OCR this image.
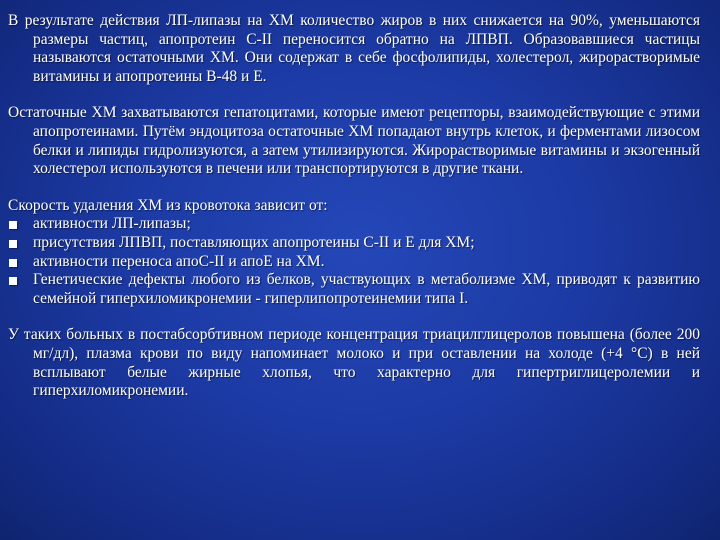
В результате действия ЛП-липазы на ХМ количество жиров в них снижается на 90%, уменьшаются размеры частиц, апопротеин С-II переносится обратно на ЛПВП. Образовавшиеся частицы называются остаточными ХМ. Они содержат в себе фосфолипиды, холестерол, жирорастворимые витамины и апопротеины В-48 и Е.

Остаточные ХМ захватываются гепатоцитами, которые имеют рецепторы, взаимодействующие с этими апопротеинами. Путём эндоцитоза остаточные ХМ попадают внутрь клеток, и ферментами лизосом белки и липиды гидролизуются, а затем утилизируются. Жирорастворимые витамины и экзогенный холестерол используются в печени или транспортируются в другие ткани.

Скорость удаления ХМ из кровотока зависит от:

активности ЛП-липазы;
присутствия ЛПВП, поставляющих апопротеины С-II и Е для ХМ;
активности переноса апоС-II и апоЕ на ХМ.
Генетические дефекты любого из белков, участвующих в метаболизме ХМ, приводят к развитию семейной гиперхиломикронемии - гиперлипопротеинемии типа I.

У таких больных в постабсорбтивном периоде концентрация триацилглицеролов повышена (более 200 мг/дл), плазма крови по виду напоминает молоко и при оставлении на холоде (+4 °С) в ней всплывают белые жирные хлопья, что характерно для гипертриглицеролемии и гиперхиломикронемии.
